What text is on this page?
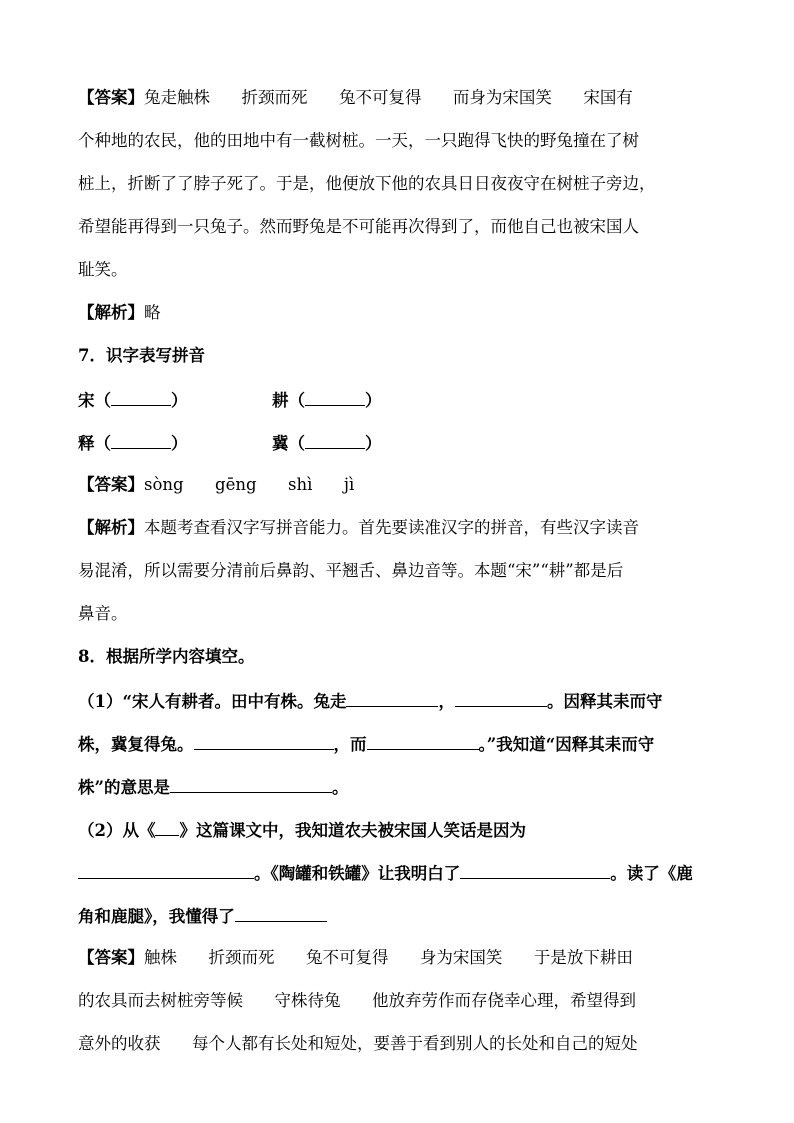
【答案】兔走触株      折颈而死      兔不可复得      而身为宋国笑      宋国有
个种地的农民，他的田地中有一截树桩。一天，一只跑得飞快的野兔撞在了树
桩上，折断了了脖子死了。于是，他便放下他的农具日日夜夜守在树桩子旁边，
希望能再得到一只兔子。然而野兔是不可能再次得到了，而他自己也被宋国人
耻笑。
【解析】略
7．识字表写拼音
宋（	）	耕（	）
释（	）	冀（	）
【答案】sòng      gēng      shì      jì
【解析】本题考查看汉字写拼音能力。首先要读准汉字的拼音，有些汉字读音
易混淆，所以需要分清前后鼻韵、平翘舌、鼻边音等。本题“宋”“耕”都是后
鼻音。
8．根据所学内容填空。
（1）“宋人有耕者。田中有株。兔走	，	。因释其耒而守
株，冀复得兔。	，而	。”我知道“因释其耒而守
株”的意思是	。
（2）从《 》这篇课文中，我知道农夫被宋国人笑话是因为
。《陶罐和铁罐》让我明白了	。读了《鹿
角和鹿腿》，我懂得了
【答案】触株      折颈而死      兔不可复得      身为宋国笑      于是放下耕田
的农具而去树桩旁等候      守株待兔      他放弃劳作而存侥幸心理，希望得到
意外的收获      每个人都有长处和短处，要善于看到别人的长处和自己的短处
